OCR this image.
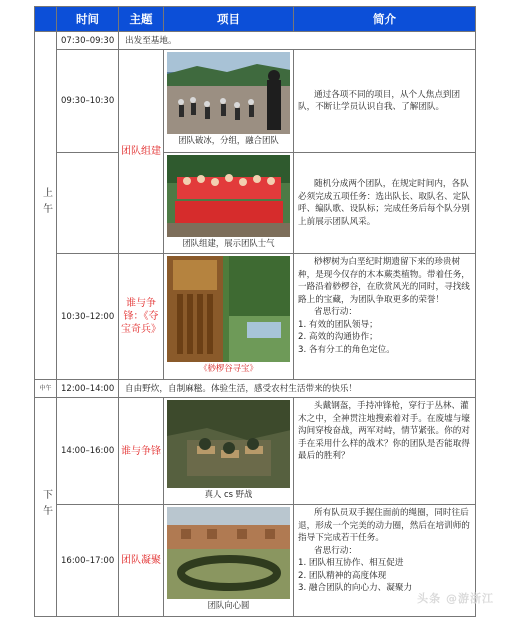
	时间	主题	项目	简介
上午	07:30–09:30	出发至基地。		
	09:30–10:30	团队组建	团队破冰，分组，融合团队	通过各项不同的项目，从个人焦点到团队，不断让学员认识自我、了解团队。

			团队组建，展示团队士气	随机分成两个团队，在规定时间内，各队必须完成五项任务：选出队长、取队名、定队呼、编队歌、设队标；完成任务后每个队分别上前展示团队风采。

	10:30–12:00	谁与争锋：《夺宝奇兵》	《桫椤谷寻宝》	桫椤树为白垩纪时期遗留下来的珍贵树种，是现今仅存的木本蕨类植物。带着任务，一路沿着桫椤谷，在欣赏风光的同时，寻找线路上的宝藏，为团队争取更多的荣誉！
省思行动：
1. 有效的团队领导；
2. 高效的沟通协作；
3. 各有分工的角色定位。

中午	12:00–14:00	自由野炊，自制麻糍。体验生活，感受农村生活带来的快乐！		
下午	14:00–16:00	谁与争锋	真人 cs 野战	头戴钢盔，手持冲锋枪，穿行于丛林、灌木之中，全神贯注地搜索着对手。在废墟与壕沟间穿梭奋战，两军对峙，情节紧张。你的对手在采用什么样的战术？你的团队是否能取得最后的胜利？

	16:00–17:00	团队凝聚	团队向心圆	所有队员双手握住面前的绳圈，同时往后退，形成一个完美的动力圈，然后在培训师的指导下完成若干任务。
省思行动：
1. 团队相互协作、相互促进
2. 团队精神的高度体现
3. 融合团队的向心力、凝聚力
头条 @游浙江
